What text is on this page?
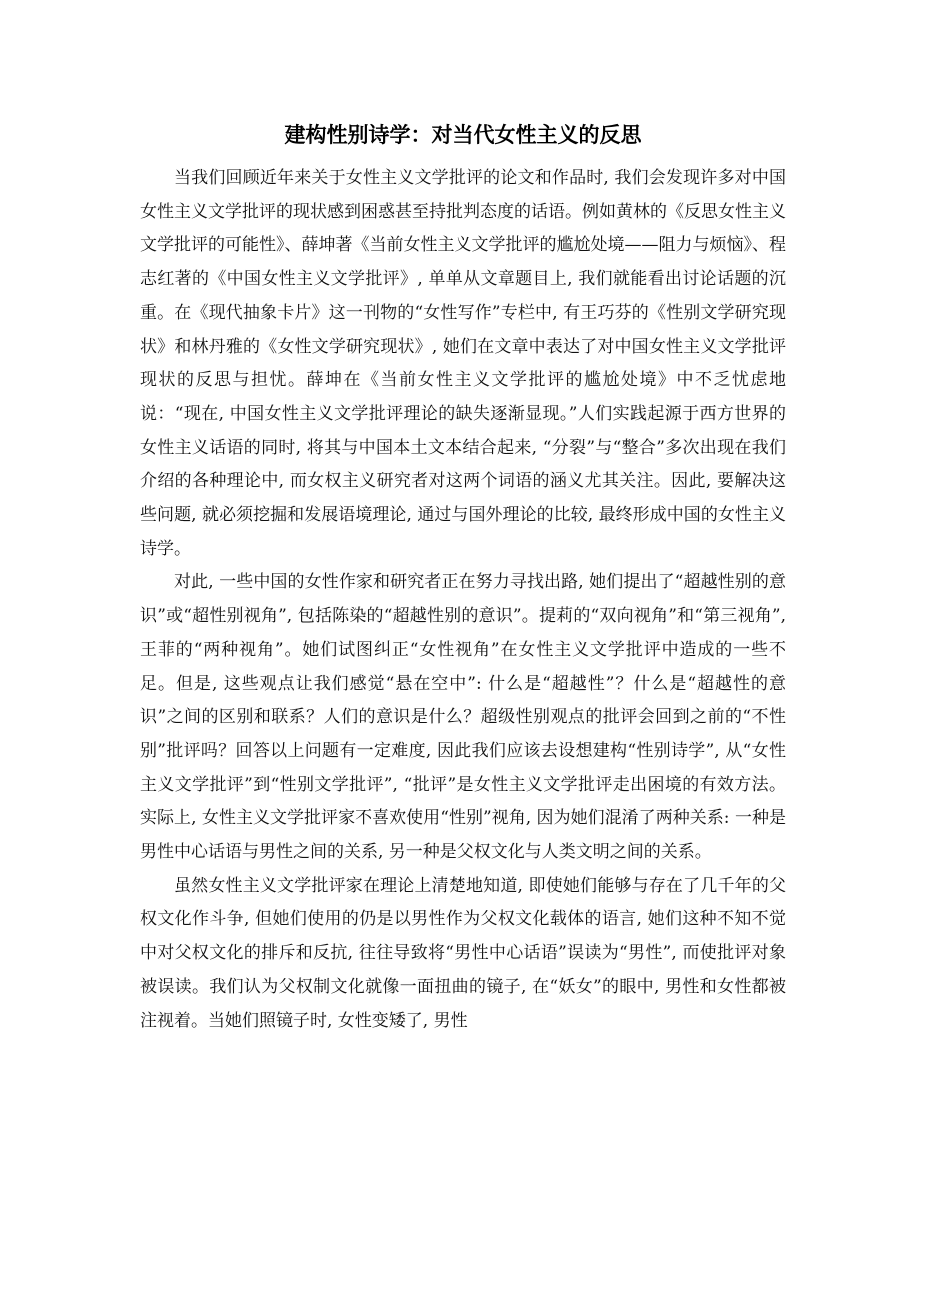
建构性别诗学：对当代女性主义的反思

当我们回顾近年来关于女性主义文学批评的论文和作品时, 我们会发现许多对中国女性主义文学批评的现状感到困惑甚至持批判态度的话语。例如黄林的《反思女性主义文学批评的可能性》、薛坤著《当前女性主义文学批评的尴尬处境——阻力与烦恼》、程志红著的《中国女性主义文学批评》, 单单从文章题目上, 我们就能看出讨论话题的沉重。在《现代抽象卡片》这一刊物的“女性写作”专栏中, 有王巧芬的《性别文学研究现状》和林丹雅的《女性文学研究现状》, 她们在文章中表达了对中国女性主义文学批评现状的反思与担忧。薛坤在《当前女性主义文学批评的尴尬处境》中不乏忧虑地说：“现在, 中国女性主义文学批评理论的缺失逐渐显现。”人们实践起源于西方世界的女性主义话语的同时, 将其与中国本土文本结合起来, “分裂”与“整合”多次出现在我们介绍的各种理论中, 而女权主义研究者对这两个词语的涵义尤其关注。因此, 要解决这些问题, 就必须挖掘和发展语境理论, 通过与国外理论的比较, 最终形成中国的女性主义诗学。

对此, 一些中国的女性作家和研究者正在努力寻找出路, 她们提出了“超越性别的意识”或“超性别视角”, 包括陈染的“超越性别的意识”。提莉的“双向视角”和“第三视角”, 王菲的“两种视角”。她们试图纠正“女性视角”在女性主义文学批评中造成的一些不足。但是, 这些观点让我们感觉“悬在空中”: 什么是“超越性”？什么是“超越性的意识”之间的区别和联系？人们的意识是什么？超级性别观点的批评会回到之前的“不性别”批评吗？回答以上问题有一定难度, 因此我们应该去设想建构“性别诗学”, 从“女性主义文学批评”到“性别文学批评”, “批评”是女性主义文学批评走出困境的有效方法。实际上, 女性主义文学批评家不喜欢使用“性别”视角, 因为她们混淆了两种关系: 一种是男性中心话语与男性之间的关系, 另一种是父权文化与人类文明之间的关系。

虽然女性主义文学批评家在理论上清楚地知道, 即使她们能够与存在了几千年的父权文化作斗争, 但她们使用的仍是以男性作为父权文化载体的语言, 她们这种不知不觉中对父权文化的排斥和反抗, 往往导致将“男性中心话语”误读为“男性”, 而使批评对象被误读。我们认为父权制文化就像一面扭曲的镜子, 在“妖女”的眼中, 男性和女性都被注视着。当她们照镜子时, 女性变矮了, 男性
